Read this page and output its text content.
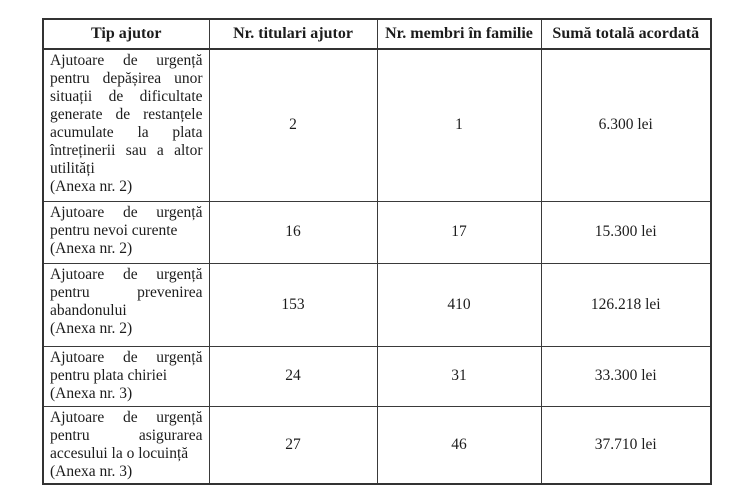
Tip ajutor	Nr. titulari ajutor	Nr. membri în familie	Sumă totală acordată

Ajutoare de urgență pentru depășirea unor situații de dificultate generate de restanțele acumulate la plata întreținerii sau a altor utilități
(Anexa nr. 2)	2	1	6.300 lei

Ajutoare de urgență pentru nevoi curente
(Anexa nr. 2)	16	17	15.300 lei

Ajutoare de urgență pentru prevenirea abandonului
(Anexa nr. 2)	153	410	126.218 lei

Ajutoare de urgență pentru plata chiriei
(Anexa nr. 3)	24	31	33.300 lei

Ajutoare de urgență pentru asigurarea accesului la o locuință
(Anexa nr. 3)	27	46	37.710 lei
